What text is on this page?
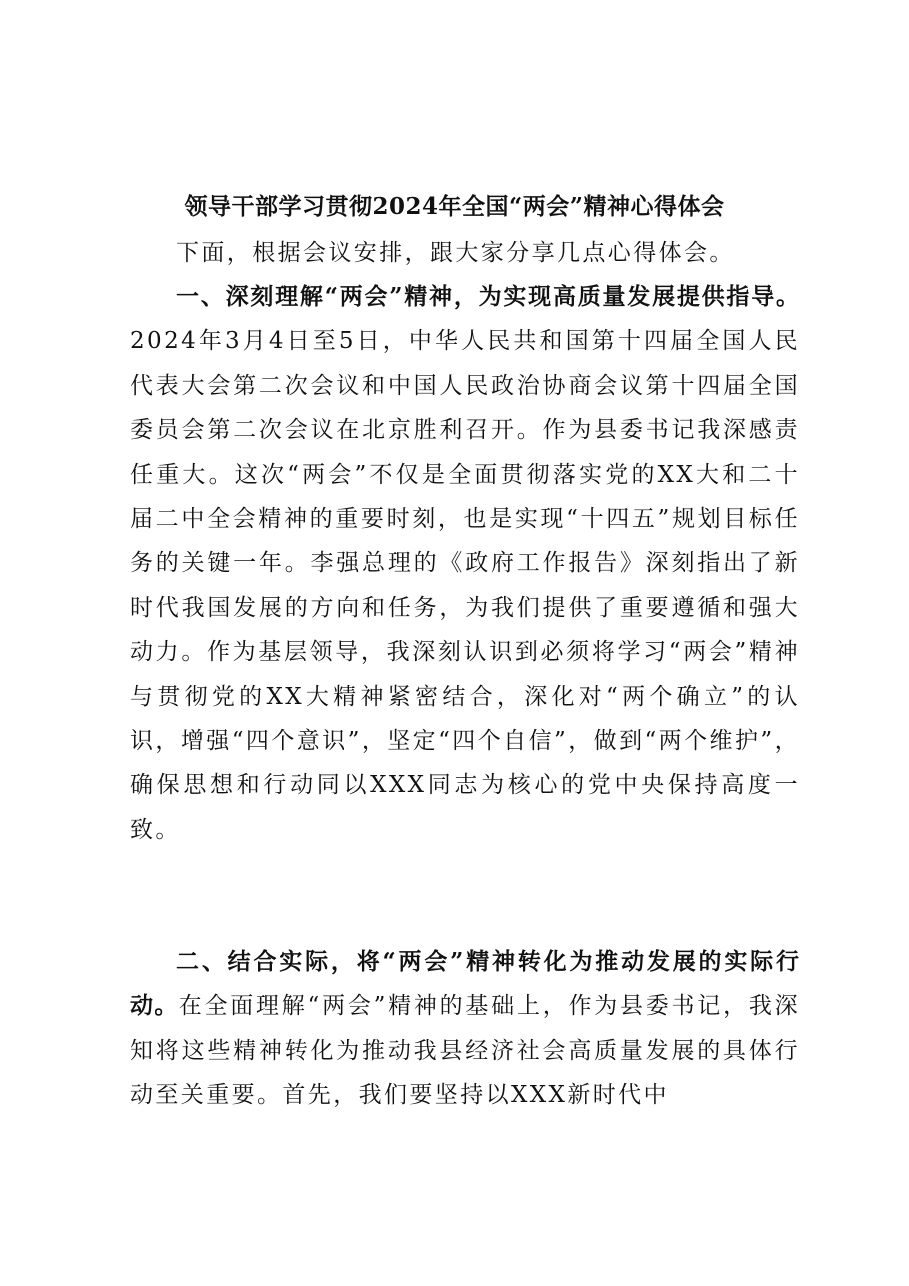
领导干部学习贯彻2024年全国“两会”精神心得体会

下面，根据会议安排，跟大家分享几点心得体会。

一、深刻理解“两会”精神，为实现高质量发展提供指导。2024年3月4日至5日，中华人民共和国第十四届全国人民代表大会第二次会议和中国人民政治协商会议第十四届全国委员会第二次会议在北京胜利召开。作为县委书记我深感责任重大。这次“两会”不仅是全面贯彻落实党的XX大和二十届二中全会精神的重要时刻，也是实现“十四五”规划目标任务的关键一年。李强总理的《政府工作报告》深刻指出了新时代我国发展的方向和任务，为我们提供了重要遵循和强大动力。作为基层领导，我深刻认识到必须将学习“两会”精神与贯彻党的XX大精神紧密结合，深化对“两个确立”的认识，增强“四个意识”，坚定“四个自信”，做到“两个维护”，确保思想和行动同以XXX同志为核心的党中央保持高度一致。

二、结合实际，将“两会”精神转化为推动发展的实际行动。在全面理解“两会”精神的基础上，作为县委书记，我深知将这些精神转化为推动我县经济社会高质量发展的具体行动至关重要。首先，我们要坚持以XXX新时代中
